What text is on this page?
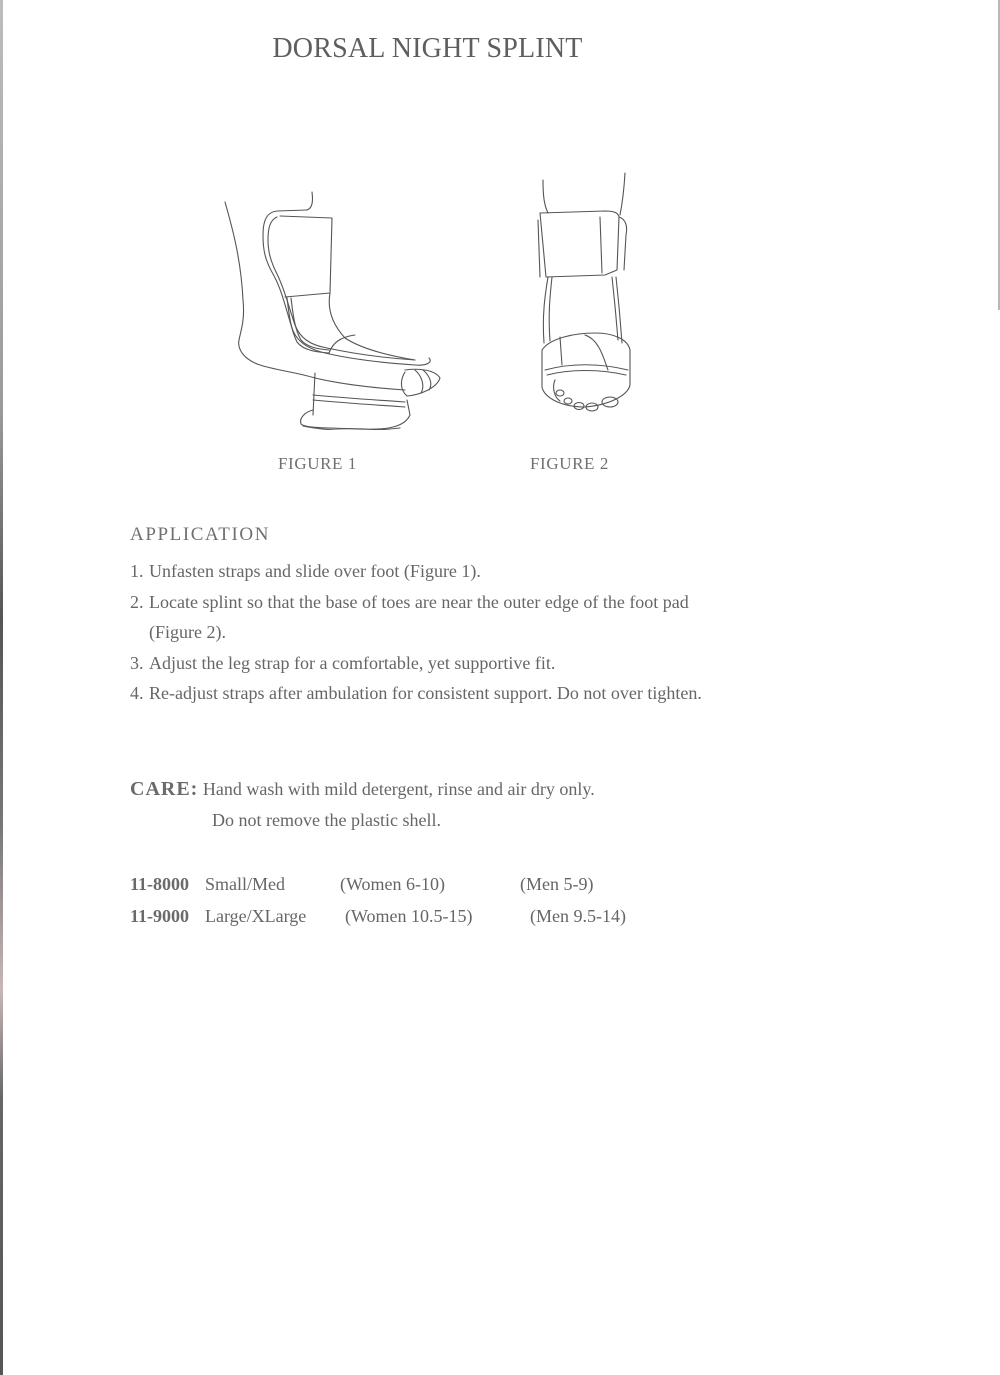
DORSAL NIGHT SPLINT
FIGURE 1	FIGURE 2
APPLICATION
1. Unfasten straps and slide over foot (Figure 1).
2. Locate splint so that the base of toes are near the outer edge of the foot pad (Figure 2).
3. Adjust the leg strap for a comfortable, yet supportive fit.
4. Re-adjust straps after ambulation for consistent support. Do not over tighten.
CARE: Hand wash with mild detergent, rinse and air dry only.
Do not remove the plastic shell.
11-8000 Small/Med	(Women 6-10)	(Men 5-9)
11-9000 Large/XLarge (Women 10.5-15)	(Men 9.5-14)
